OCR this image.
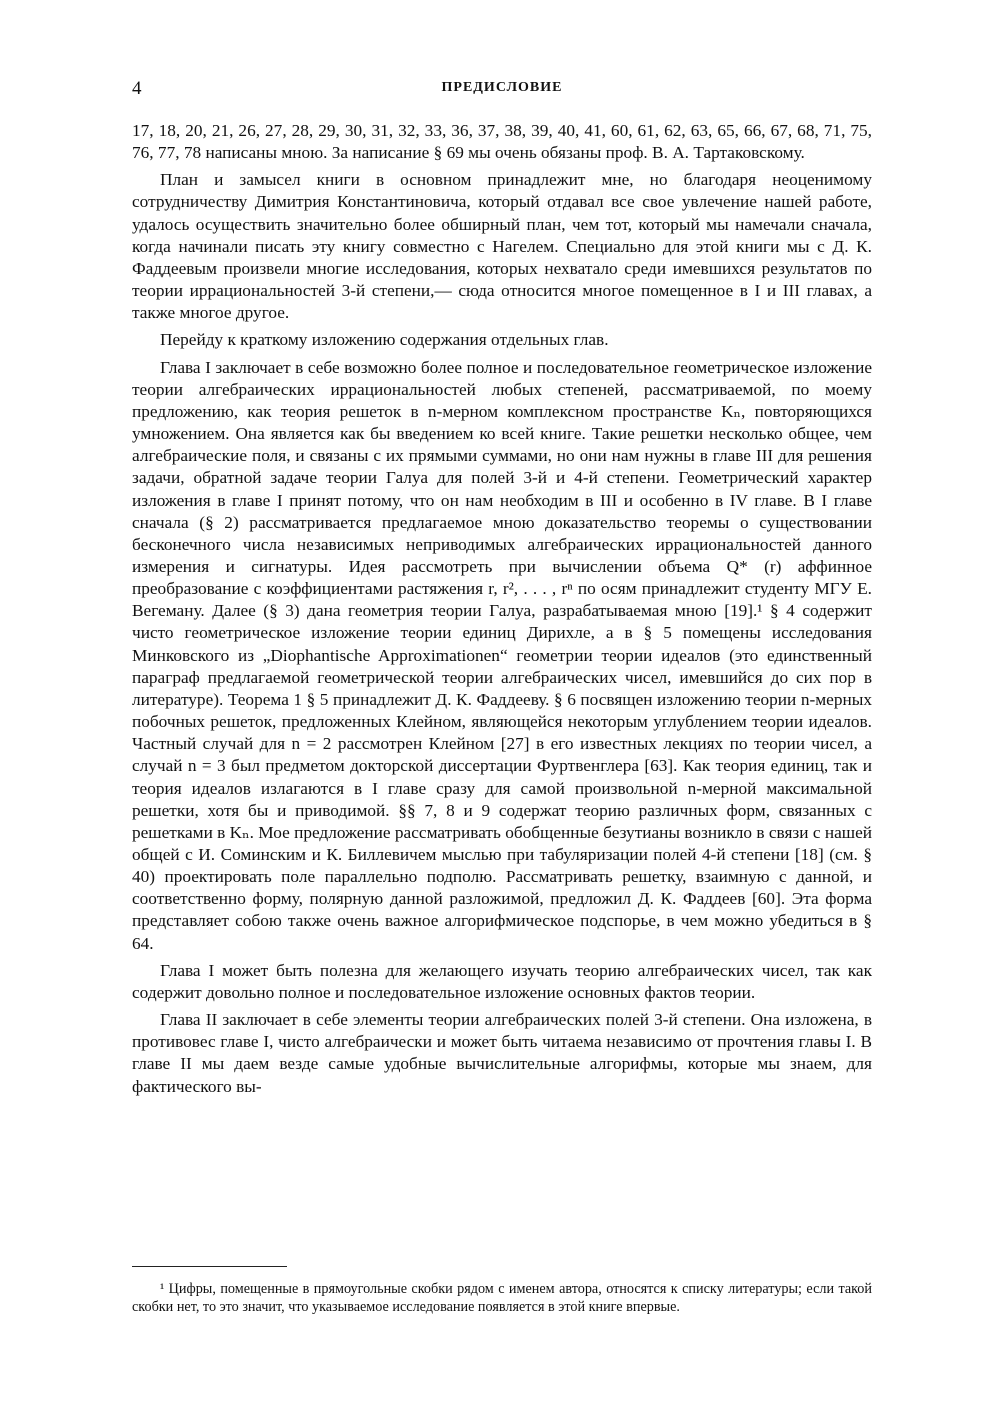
4	ПРЕДИСЛОВИЕ

17, 18, 20, 21, 26, 27, 28, 29, 30, 31, 32, 33, 36, 37, 38, 39, 40, 41, 60, 61, 62, 63, 65, 66, 67, 68, 71, 75, 76, 77, 78 написаны мною. За написание § 69 мы очень обязаны проф. В. А. Тартаковскому.

План и замысел книги в основном принадлежит мне, но благодаря неоценимому сотрудничеству Димитрия Константиновича, который отдавал все свое увлечение нашей работе, удалось осуществить значительно более обширный план, чем тот, который мы намечали сначала, когда начинали писать эту книгу совместно с Нагелем. Специально для этой книги мы с Д. К. Фаддеевым произвели многие исследования, которых нехватало среди имевшихся результатов по теории иррациональностей 3-й степени,— сюда относится многое помещенное в I и III главах, а также многое другое.

Перейду к краткому изложению содержания отдельных глав.

Глава I заключает в себе возможно более полное и последовательное геометрическое изложение теории алгебраических иррациональностей любых степеней, рассматриваемой, по моему предложению, как теория решеток в n-мерном комплексном пространстве Kₙ, повторяющихся умножением. Она является как бы введением ко всей книге. Такие решетки несколько общее, чем алгебраические поля, и связаны с их прямыми суммами, но они нам нужны в главе III для решения задачи, обратной задаче теории Галуа для полей 3-й и 4-й степени. Геометрический характер изложения в главе I принят потому, что он нам необходим в III и особенно в IV главе. В I главе сначала (§ 2) рассматривается предлагаемое мною доказательство теоремы о существовании бесконечного числа независимых неприводимых алгебраических иррациональностей данного измерения и сигнатуры. Идея рассмотреть при вычислении объема Q* (r) аффинное преобразование с коэффициентами растяжения r, r², . . . , rⁿ по осям принадлежит студенту МГУ Е. Вегеману. Далее (§ 3) дана геометрия теории Галуа, разрабатываемая мною [19].¹ § 4 содержит чисто геометрическое изложение теории единиц Дирихле, а в § 5 помещены исследования Минковского из „Diophantische Approximationen“ геометрии теории идеалов (это единственный параграф предлагаемой геометрической теории алгебраических чисел, имевшийся до сих пор в литературе). Теорема 1 § 5 принадлежит Д. К. Фаддееву. § 6 посвящен изложению теории n-мерных побочных решеток, предложенных Клейном, являющейся некоторым углублением теории идеалов. Частный случай для n = 2 рассмотрен Клейном [27] в его известных лекциях по теории чисел, а случай n = 3 был предметом докторской диссертации Фуртвенглера [63]. Как теория единиц, так и теория идеалов излагаются в I главе сразу для самой произвольной n-мерной максимальной решетки, хотя бы и приводимой. §§ 7, 8 и 9 содержат теорию различных форм, связанных с решетками в Kₙ. Мое предложение рассматривать обобщенные безутианы возникло в связи с нашей общей с И. Соминским и К. Биллевичем мыслью при табуляризации полей 4-й степени [18] (см. § 40) проектировать поле параллельно подполю. Рассматривать решетку, взаимную с данной, и соответственно форму, полярную данной разложимой, предложил Д. К. Фаддеев [60]. Эта форма представляет собою также очень важное алгорифмическое подспорье, в чем можно убедиться в § 64.

Глава I может быть полезна для желающего изучать теорию алгебраических чисел, так как содержит довольно полное и последовательное изложение основных фактов теории.

Глава II заключает в себе элементы теории алгебраических полей 3-й степени. Она изложена, в противовес главе I, чисто алгебраически и может быть читаема независимо от прочтения главы I. В главе II мы даем везде самые удобные вычислительные алгорифмы, которые мы знаем, для фактического вы-

¹ Цифры, помещенные в прямоугольные скобки рядом с именем автора, относятся к списку литературы; если такой скобки нет, то это значит, что указываемое исследование появляется в этой книге впервые.
